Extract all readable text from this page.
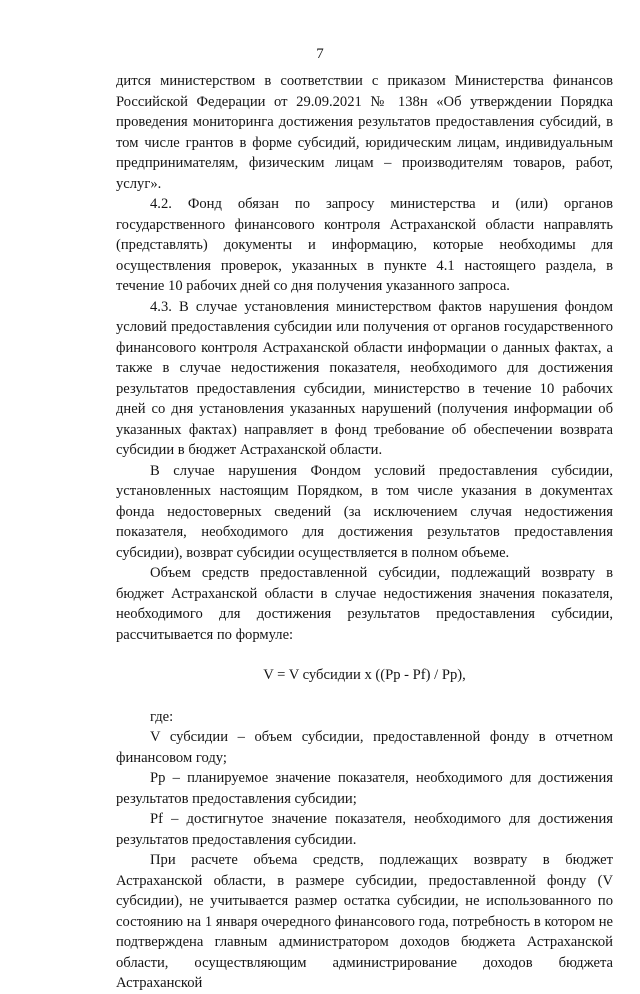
7

дится министерством в соответствии с приказом Министерства финансов Российской Федерации от 29.09.2021 № 138н «Об утверждении Порядка проведения мониторинга достижения результатов предоставления субсидий, в том числе грантов в форме субсидий, юридическим лицам, индивидуальным предпринимателям, физическим лицам – производителям товаров, работ, услуг».

4.2. Фонд обязан по запросу министерства и (или) органов государственного финансового контроля Астраханской области направлять (представлять) документы и информацию, которые необходимы для осуществления проверок, указанных в пункте 4.1 настоящего раздела, в течение 10 рабочих дней со дня получения указанного запроса.

4.3. В случае установления министерством фактов нарушения фондом условий предоставления субсидии или получения от органов государственного финансового контроля Астраханской области информации о данных фактах, а также в случае недостижения показателя, необходимого для достижения результатов предоставления субсидии, министерство в течение 10 рабочих дней со дня установления указанных нарушений (получения информации об указанных фактах) направляет в фонд требование об обеспечении возврата субсидии в бюджет Астраханской области.

В случае нарушения Фондом условий предоставления субсидии, установленных настоящим Порядком, в том числе указания в документах фонда недостоверных сведений (за исключением случая недостижения показателя, необходимого для достижения результатов предоставления субсидии), возврат субсидии осуществляется в полном объеме.

Объем средств предоставленной субсидии, подлежащий возврату в бюджет Астраханской области в случае недостижения значения показателя, необходимого для достижения результатов предоставления субсидии, рассчитывается по формуле:

V = V субсидии х ((Pp - Pf) / Pp),

где:

V субсидии – объем субсидии, предоставленной фонду в отчетном финансовом году;

Pp – планируемое значение показателя, необходимого для достижения результатов предоставления субсидии;

Pf – достигнутое значение показателя, необходимого для достижения результатов предоставления субсидии.

При расчете объема средств, подлежащих возврату в бюджет Астраханской области, в размере субсидии, предоставленной фонду (V субсидии), не учитывается размер остатка субсидии, не использованного по состоянию на 1 января очередного финансового года, потребность в котором не подтверждена главным администратором доходов бюджета Астраханской области, осуществляющим администрирование доходов бюджета Астраханской
